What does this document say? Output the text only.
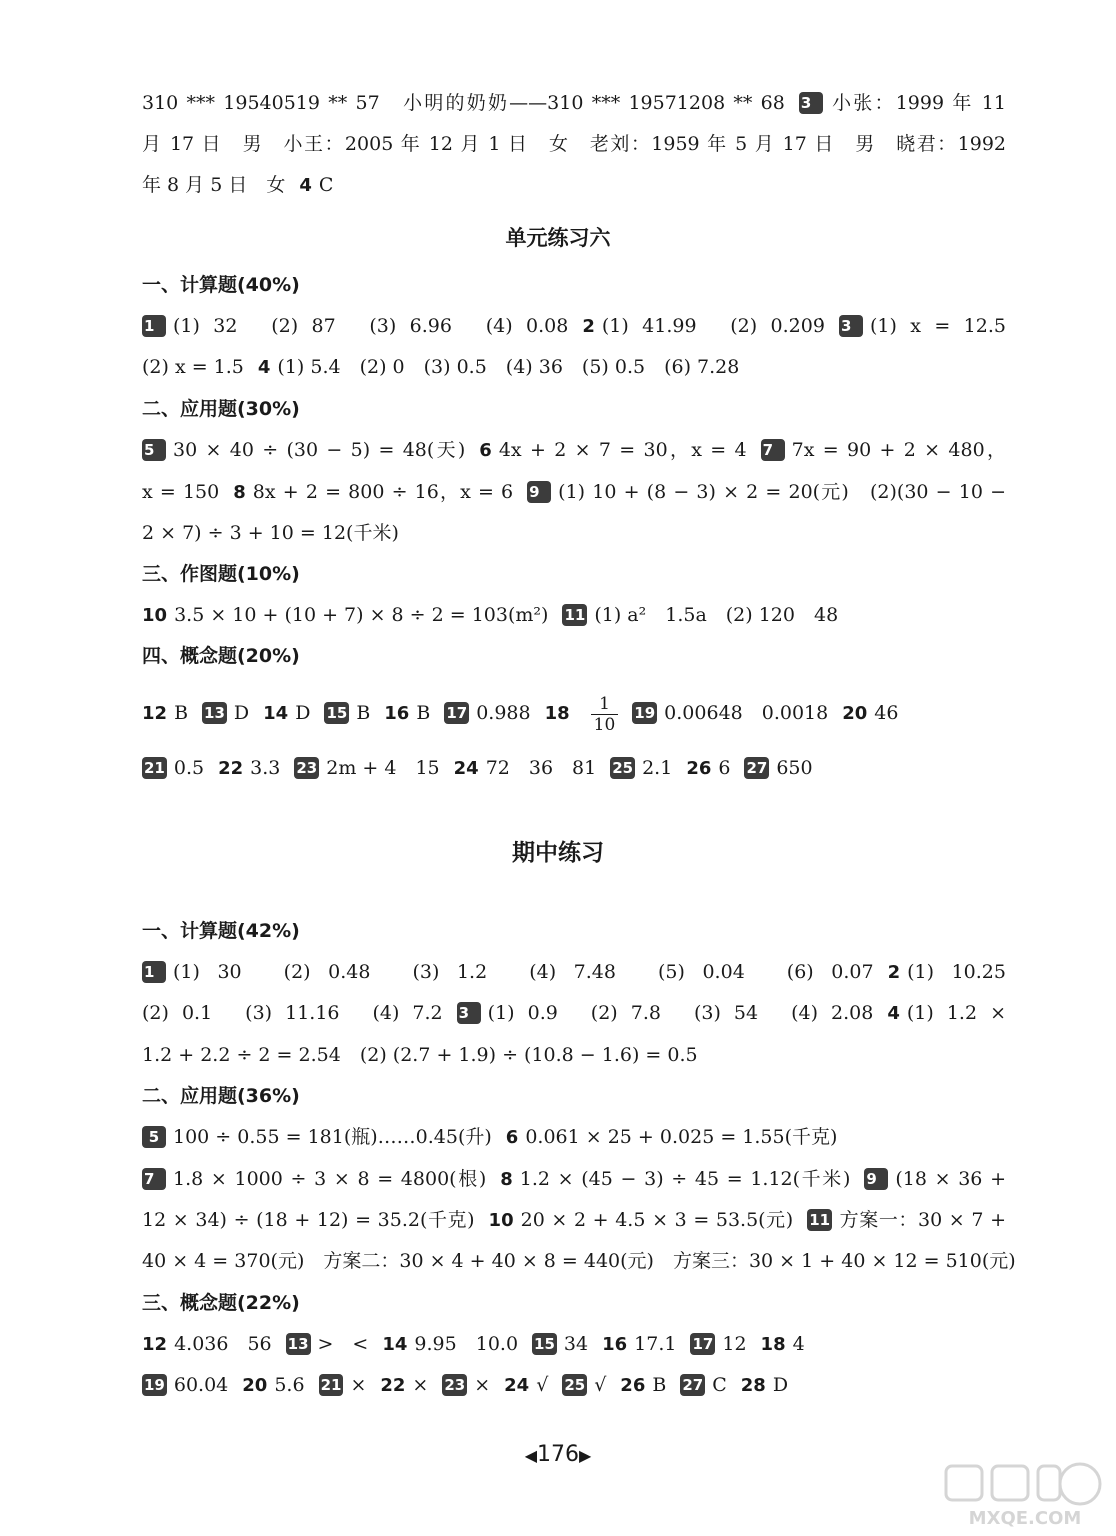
310 *** 19540519 ** 57　小明的奶奶——310 *** 19571208 ** 68 3 小张：1999 年 11
月 17 日　男　小王：2005 年 12 月 1 日　女　老刘：1959 年 5 月 17 日　男　晓君：1992
年 8 月 5 日　女 4 C
单元练习六
一、计算题(40%)
1 (1) 32　(2) 87　(3) 6.96　(4) 0.08 2 (1) 41.99　(2) 0.2̇09̇ 3 (1) x = 12.5
(2) x = 1.5 4 (1) 5.4　(2) 0　(3) 0.5　(4) 36　(5) 0.5　(6) 7.28
二、应用题(30%)
5 30 × 40 ÷ (30 − 5) = 48(天) 6 4x + 2 × 7 = 30，x = 4 7 7x = 90 + 2 × 480，
x = 150 8 8x + 2 = 800 ÷ 16，x = 6 9 (1) 10 + (8 − 3) × 2 = 20(元)　(2)(30 − 10 −
2 × 7) ÷ 3 + 10 = 12(千米)
三、作图题(10%)
10 3.5 × 10 + (10 + 7) × 8 ÷ 2 = 103(m²) 11 (1) a²　1.5a　(2) 120　48
四、概念题(20%)
12 B 13 D 14 D 15 B 16 B 17 0.988 $18 \frac{1}{10} 19$ 0.00648　0.0018 20 46
21 0.5 22 3.3 23 2m + 4　15 24 72　36　81 25 2.1 26 6 27 650
期中练习
一、计算题(42%)
1 (1) 30　(2) 0.48　(3) 1.2　(4) 7.48　(5) 0.04　(6) 0.07 2 (1) 10.25
(2) 0.1　(3) 11.16　(4) 7.2 3 (1) 0.9　(2) 7.8　(3) 54　(4) 2.08 4 (1) 1.2 ×
1.2 + 2.2 ÷ 2 = 2.54　(2) (2.7 + 1.9) ÷ (10.8 − 1.6) = 0.5
二、应用题(36%)
5 100 ÷ 0.55 = 181(瓶)……0.45(升) 6 0.061 × 25 + 0.025 = 1.55(千克)
7 1.8 × 1000 ÷ 3 × 8 = 4800(根) 8 1.2 × (45 − 3) ÷ 45 = 1.12(千米) 9 (18 × 36 +
12 × 34) ÷ (18 + 12) = 35.2(千克) 10 20 × 2 + 4.5 × 3 = 53.5(元) 11 方案一：30 × 7 +
40 × 4 = 370(元)　方案二：30 × 4 + 40 × 8 = 440(元)　方案三：30 × 1 + 40 × 12 = 510(元)
三、概念题(22%)
12 4.036　56 13 >　< 14 9.95　10.0 15 34 16 17.1 17 12 18 4
19 60.04 20 5.6 21 × 22 × 23 × 24 √ 25 √ 26 B 27 C 28 D
◀176▶
MXQE.COM
